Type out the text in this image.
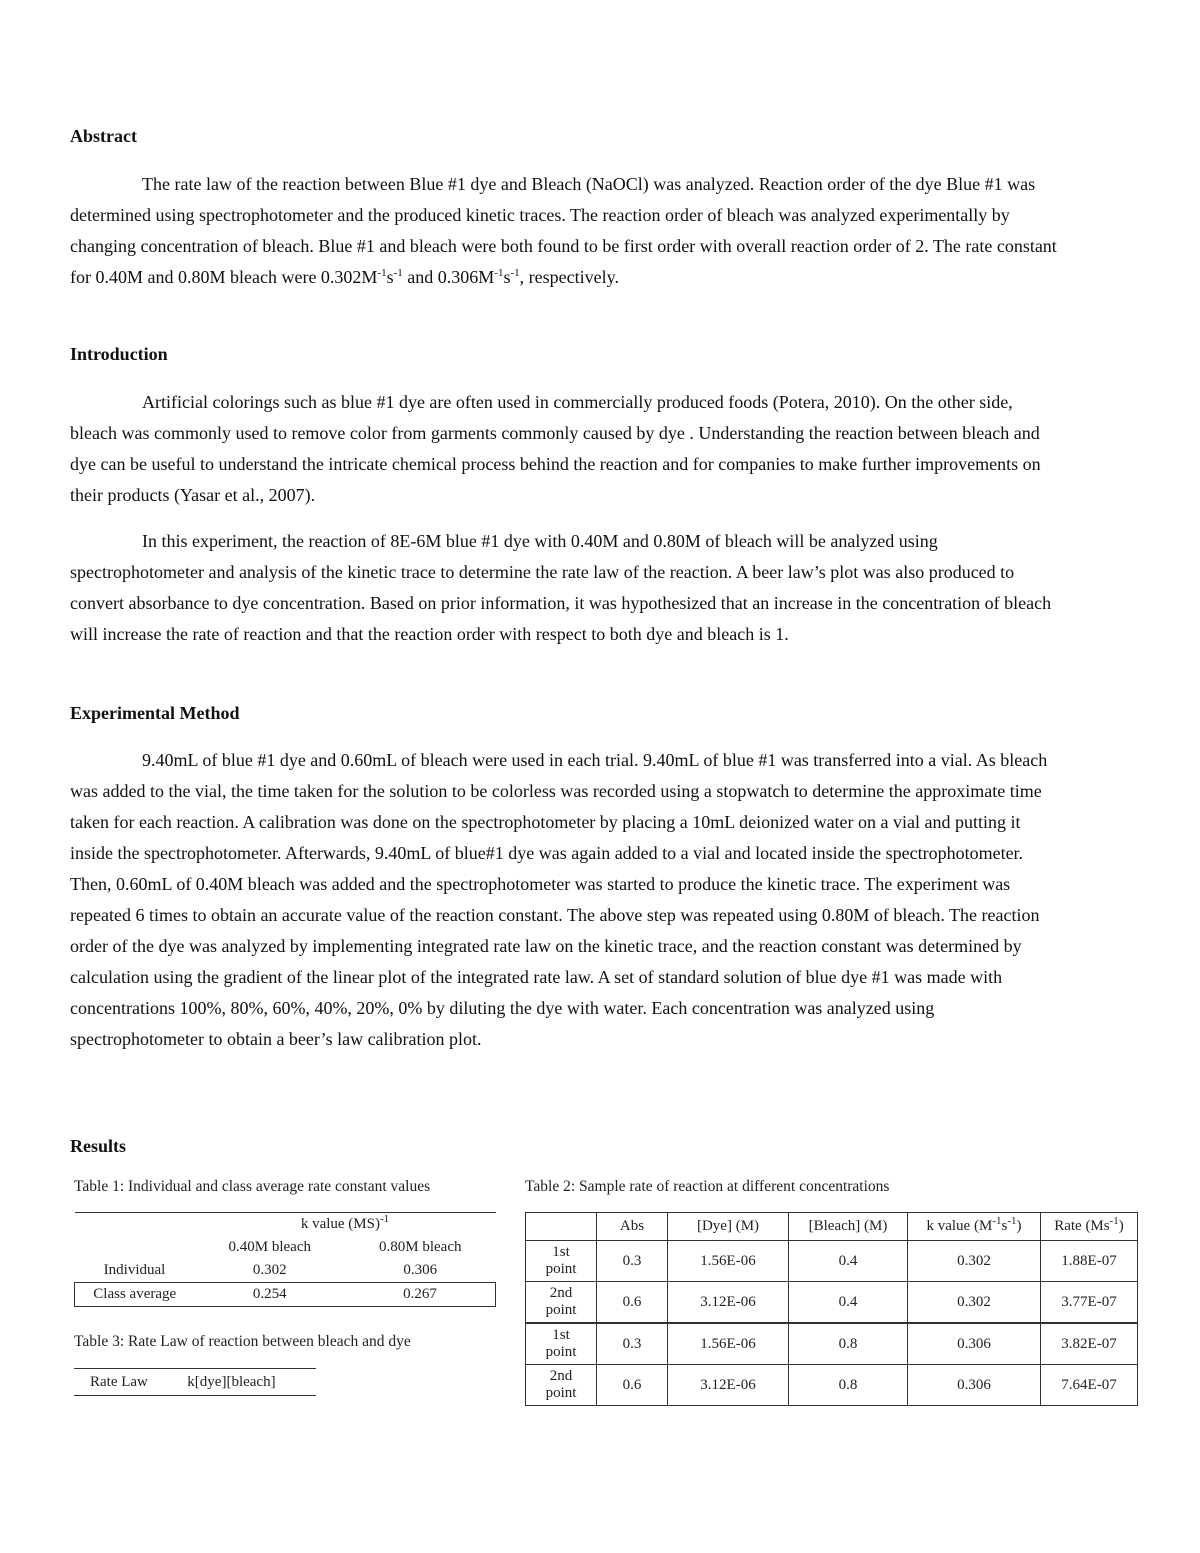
Abstract

The rate law of the reaction between Blue #1 dye and Bleach (NaOCl) was analyzed. Reaction order of the dye Blue #1 was determined using spectrophotometer and the produced kinetic traces. The reaction order of bleach was analyzed experimentally by changing concentration of bleach. Blue #1 and bleach were both found to be first order with overall reaction order of 2. The rate constant for 0.40M and 0.80M bleach were $0.302M^{-1}s^{-1}$ and $0.306M^{-1}s^{-1}$, respectively.

Introduction

Artificial colorings such as blue #1 dye are often used in commercially produced foods (Potera, 2010). On the other side, bleach was commonly used to remove color from garments commonly caused by dye . Understanding the reaction between bleach and dye can be useful to understand the intricate chemical process behind the reaction and for companies to make further improvements on their products (Yasar et al., 2007).

In this experiment, the reaction of 8E-6M blue #1 dye with 0.40M and 0.80M of bleach will be analyzed using spectrophotometer and analysis of the kinetic trace to determine the rate law of the reaction. A beer law’s plot was also produced to convert absorbance to dye concentration. Based on prior information, it was hypothesized that an increase in the concentration of bleach will increase the rate of reaction and that the reaction order with respect to both dye and bleach is 1.

Experimental Method

9.40mL of blue #1 dye and 0.60mL of bleach were used in each trial. 9.40mL of blue #1 was transferred into a vial. As bleach was added to the vial, the time taken for the solution to be colorless was recorded using a stopwatch to determine the approximate time taken for each reaction. A calibration was done on the spectrophotometer by placing a 10mL deionized water on a vial and putting it inside the spectrophotometer. Afterwards, 9.40mL of blue#1 dye was again added to a vial and located inside the spectrophotometer. Then, 0.60mL of 0.40M bleach was added and the spectrophotometer was started to produce the kinetic trace. The experiment was repeated 6 times to obtain an accurate value of the reaction constant. The above step was repeated using 0.80M of bleach. The reaction order of the dye was analyzed by implementing integrated rate law on the kinetic trace, and the reaction constant was determined by calculation using the gradient of the linear plot of the integrated rate law. A set of standard solution of blue dye #1 was made with concentrations 100%, 80%, 60%, 40%, 20%, 0% by diluting the dye with water. Each concentration was analyzed using spectrophotometer to obtain a beer’s law calibration plot.

Results
Table 1: Individual and class average rate constant values
	k value (MS)$^{-1}$
	0.40M bleach	0.80M bleach
Individual	0.302	0.306
Class average	0.254	0.267
Table 3: Rate Law of reaction between bleach and dye
Rate Law	k[dye][bleach]
Table 2: Sample rate of reaction at different concentrations
	Abs	[Dye] (M)	[Bleach] (M)	k value $(M^{-1}s^{-1})$	Rate $(Ms^{-1})$
1st
point	0.3	1.56E-06	0.4	0.302	1.88E-07
2nd
point	0.6	3.12E-06	0.4	0.302	3.77E-07
1st
point	0.3	1.56E-06	0.8	0.306	3.82E-07
2nd
point	0.6	3.12E-06	0.8	0.306	7.64E-07
